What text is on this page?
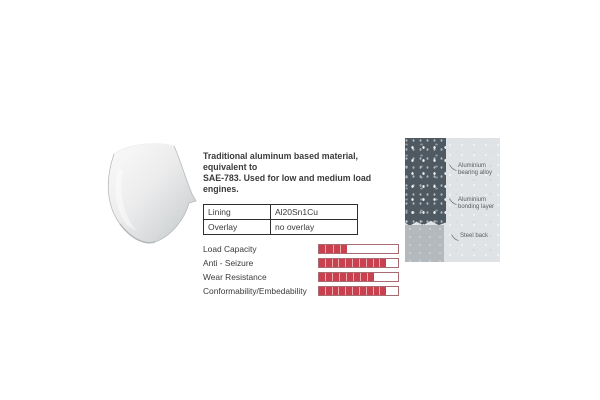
Traditional aluminum based material, equivalent to
SAE-783. Used for low and medium load engines.

Lining	Al20Sn1Cu
Overlay	no overlay
Load Capacity
Anti - Seizure
Wear Resistance
Conformability/Embedability
Aluminium bearing alloy
Aluminium bonding layer
Steel back
